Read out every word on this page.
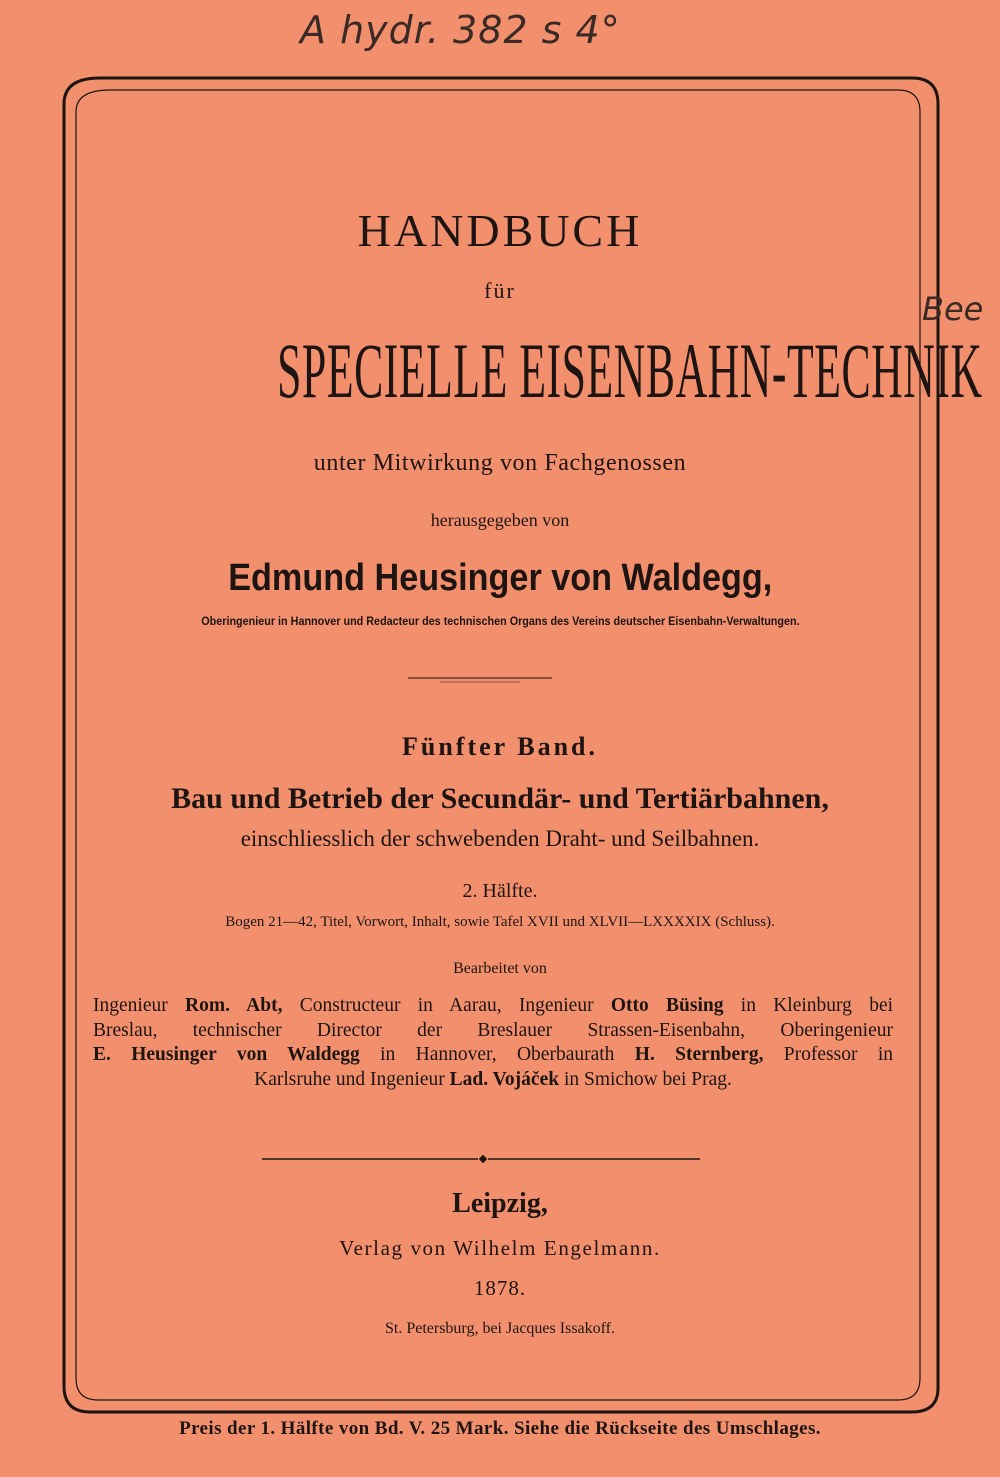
A hydr. 382 s 4°
Bee
HANDBUCH
für
SPECIELLE EISENBAHN-TECHNIK
unter Mitwirkung von Fachgenossen
herausgegeben von
Edmund Heusinger von Waldegg,
Oberingenieur in Hannover und Redacteur des technischen Organs des Vereins deutscher Eisenbahn-Verwaltungen.
Fünfter Band.
Bau und Betrieb der Secundär- und Tertiärbahnen,
einschliesslich der schwebenden Draht- und Seilbahnen.
2. Hälfte.
Bogen 21—42, Titel, Vorwort, Inhalt, sowie Tafel XVII und XLVII—LXXXXIX (Schluss).
Bearbeitet von
Ingenieur Rom. Abt, Constructeur in Aarau, Ingenieur Otto Büsing in Kleinburg bei
Breslau, technischer Director der Breslauer Strassen-Eisenbahn, Oberingenieur
E. Heusinger von Waldegg in Hannover, Oberbaurath H. Sternberg, Professor in
Karlsruhe und Ingenieur Lad. Vojáček in Smichow bei Prag.
Leipzig,
Verlag von Wilhelm Engelmann.
1878.
St. Petersburg, bei Jacques Issakoff.
Preis der 1. Hälfte von Bd. V. 25 Mark. Siehe die Rückseite des Umschlages.
